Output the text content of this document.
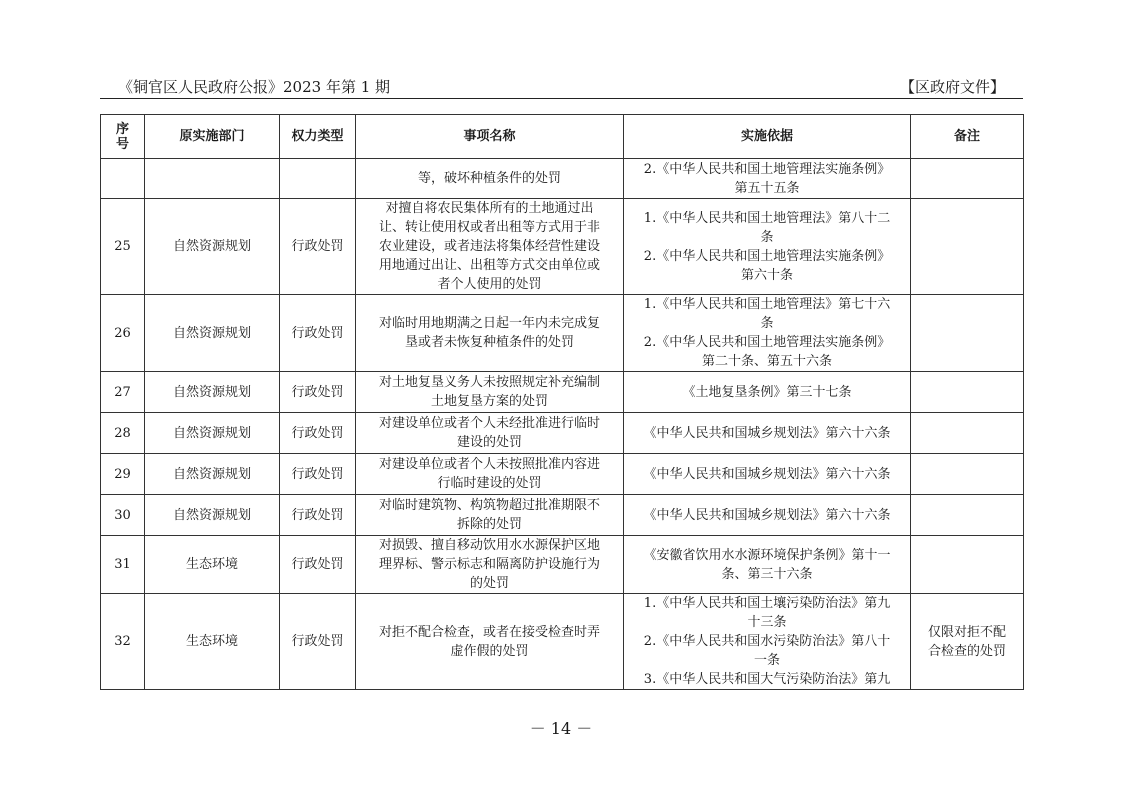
《铜官区人民政府公报》2023 年第 1 期	【区政府文件】
序
号	原实施部门	权力类型	事项名称	实施依据	备注

			等，破坏种植条件的处罚	2.《中华人民共和国土地管理法实施条例》
第五十五条	

25	自然资源规划	行政处罚	对擅自将农民集体所有的土地通过出
让、转让使用权或者出租等方式用于非
农业建设，或者违法将集体经营性建设
用地通过出让、出租等方式交由单位或
者个人使用的处罚	1.《中华人民共和国土地管理法》第八十二
条
2.《中华人民共和国土地管理法实施条例》
第六十条	

26	自然资源规划	行政处罚	对临时用地期满之日起一年内未完成复
垦或者未恢复种植条件的处罚	1.《中华人民共和国土地管理法》第七十六
条
2.《中华人民共和国土地管理法实施条例》
第二十条、第五十六条	

27	自然资源规划	行政处罚	对土地复垦义务人未按照规定补充编制
土地复垦方案的处罚	《土地复垦条例》第三十七条	

28	自然资源规划	行政处罚	对建设单位或者个人未经批准进行临时
建设的处罚	《中华人民共和国城乡规划法》第六十六条	

29	自然资源规划	行政处罚	对建设单位或者个人未按照批准内容进
行临时建设的处罚	《中华人民共和国城乡规划法》第六十六条	

30	自然资源规划	行政处罚	对临时建筑物、构筑物超过批准期限不
拆除的处罚	《中华人民共和国城乡规划法》第六十六条	

31	生态环境	行政处罚	对损毁、擅自移动饮用水水源保护区地
理界标、警示标志和隔离防护设施行为
的处罚	《安徽省饮用水水源环境保护条例》第十一
条、第三十六条	

32	生态环境	行政处罚	对拒不配合检查，或者在接受检查时弄
虚作假的处罚	1.《中华人民共和国土壤污染防治法》第九
十三条
2.《中华人民共和国水污染防治法》第八十
一条
3.《中华人民共和国大气污染防治法》第九	仅限对拒不配
合检查的处罚
－ 14 －
